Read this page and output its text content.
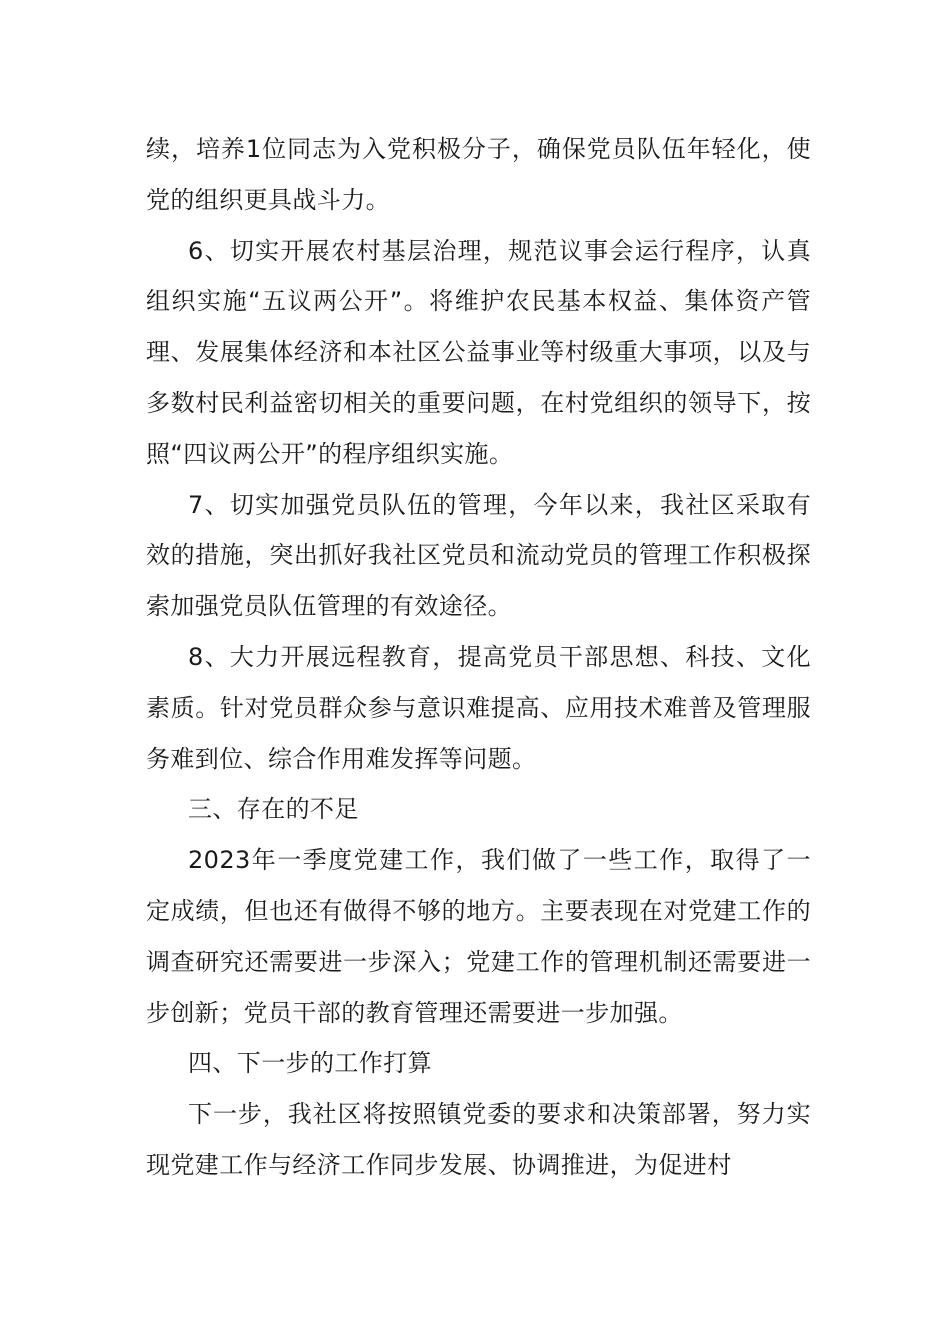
续，培养1位同志为入党积极分子，确保党员队伍年轻化，使党的组织更具战斗力。

6、切实开展农村基层治理，规范议事会运行程序，认真组织实施“五议两公开”。将维护农民基本权益、集体资产管理、发展集体经济和本社区公益事业等村级重大事项，以及与多数村民利益密切相关的重要问题，在村党组织的领导下，按照“四议两公开”的程序组织实施。

7、切实加强党员队伍的管理，今年以来，我社区采取有效的措施，突出抓好我社区党员和流动党员的管理工作积极探索加强党员队伍管理的有效途径。

8、大力开展远程教育，提高党员干部思想、科技、文化素质。针对党员群众参与意识难提高、应用技术难普及管理服务难到位、综合作用难发挥等问题。

三、存在的不足

2023年一季度党建工作，我们做了一些工作，取得了一定成绩，但也还有做得不够的地方。主要表现在对党建工作的调查研究还需要进一步深入；党建工作的管理机制还需要进一步创新；党员干部的教育管理还需要进一步加强。

四、下一步的工作打算

下一步，我社区将按照镇党委的要求和决策部署，努力实现党建工作与经济工作同步发展、协调推进，为促进村
